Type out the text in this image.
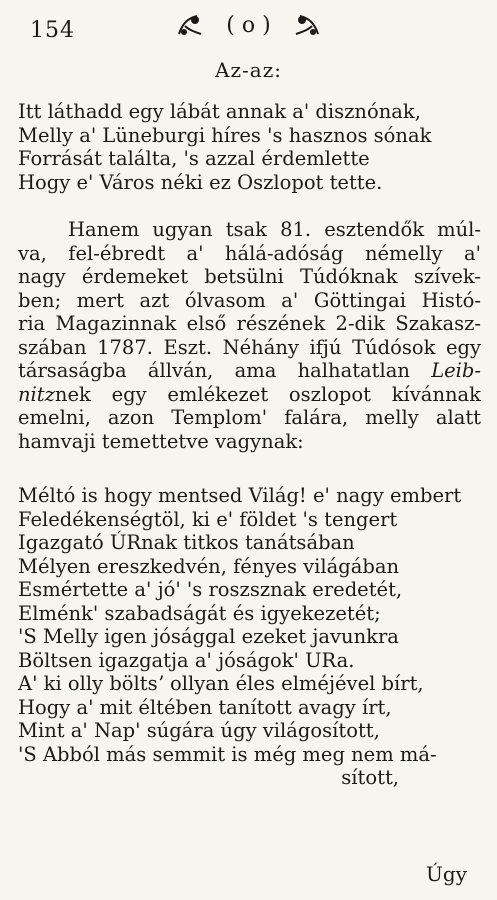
154	( o )
Az-az:
Itt láthadd egy lábát annak a' disznónak,
Melly a' Lüneburgi híres 's hasznos sónak
Forrását találta, 's azzal érdemlette
Hogy e' Város néki ez Oszlopot tette.
Hanem ugyan tsak 81. esztendők múl-
va, fel-ébredt a' hálá-adóság némelly a'
nagy érdemeket betsülni Túdóknak szívek-
ben; mert azt ólvasom a' Göttingai Histó-
ria Magazinnak első részének 2-dik Szakasz-
szában 1787. Eszt. Néhány ifjú Túdósok egy
társaságba állván, ama halhatatlan Leib-
nitznek egy emlékezet oszlopot kívánnak
emelni, azon Templom' falára, melly alatt
hamvaji temettetve vagynak:
Méltó is hogy mentsed Világ! e' nagy embert
Feledékenségtöl, ki e' földet 's tengert
Igazgató ÚRnak titkos tanátsában
Mélyen ereszkedvén, fényes világában
Esmértette a' jó' 's roszsznak eredetét,
Elménk' szabadságát és igyekezetét;
'S Melly igen jósággal ezeket javunkra
Böltsen igazgatja a' jóságok' URa.
A' ki olly böltsʼ ollyan éles elméjével bírt,
Hogy a' mit éltében tanított avagy írt,
Mint a' Nap' súgára úgy világosított,
'S Abból más semmit is még meg nem má-
sított,
Úgy
